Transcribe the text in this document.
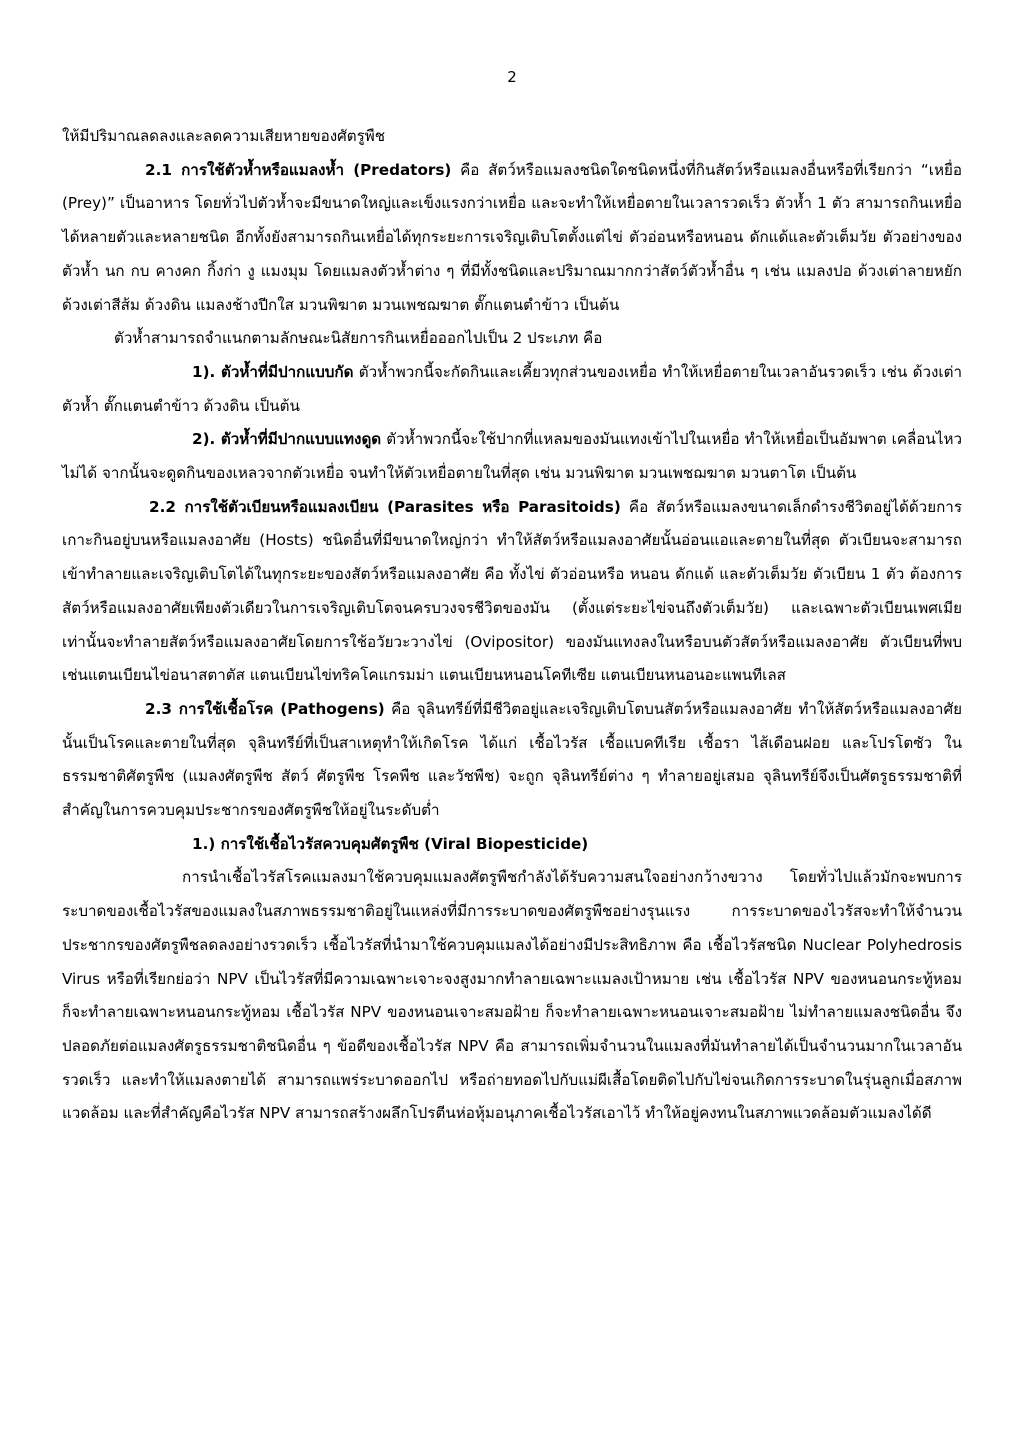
2

ให้มีปริมาณลดลงและลดความเสียหายของศัตรูพืช

2.1 การใช้ตัวห้ำหรือแมลงห้ำ (Predators) คือ สัตว์หรือแมลงชนิดใดชนิดหนึ่งที่กินสัตว์หรือแมลงอื่นหรือที่เรียกว่า “เหยื่อ (Prey)” เป็นอาหาร โดยทั่วไปตัวห้ำจะมีขนาดใหญ่และเข็งแรงกว่าเหยื่อ และจะทำให้เหยื่อตายในเวลารวดเร็ว ตัวห้ำ 1 ตัว สามารถกินเหยื่อได้หลายตัวและหลายชนิด อีกทั้งยังสามารถกินเหยื่อได้ทุกระยะการเจริญเติบโตตั้งแต่ไข่ ตัวอ่อนหรือหนอน ดักแด้และตัวเต็มวัย ตัวอย่างของตัวห้ำ นก กบ คางคก กิ้งก่า งู แมงมุม โดยแมลงตัวห้ำต่าง ๆ ที่มีทั้งชนิดและปริมาณมากกว่าสัตว์ตัวห้ำอื่น ๆ เช่น แมลงปอ ด้วงเต่าลายหยัก ด้วงเต่าสีส้ม ด้วงดิน แมลงช้างปีกใส มวนพิฆาต มวนเพชฌฆาต ตั๊กแตนตำข้าว เป็นต้น

ตัวห้ำสามารถจำแนกตามลักษณะนิสัยการกินเหยื่อออกไปเป็น 2 ประเภท คือ

1). ตัวห้ำที่มีปากแบบกัด ตัวห้ำพวกนี้จะกัดกินและเคี้ยวทุกส่วนของเหยื่อ ทำให้เหยื่อตายในเวลาอันรวดเร็ว เช่น ด้วงเต่าตัวห้ำ ตั๊กแตนตำข้าว ด้วงดิน เป็นต้น

2). ตัวห้ำที่มีปากแบบแทงดูด ตัวห้ำพวกนี้จะใช้ปากที่แหลมของมันแทงเข้าไปในเหยื่อ ทำให้เหยื่อเป็นอัมพาต เคลื่อนไหวไม่ได้ จากนั้นจะดูดกินของเหลวจากตัวเหยื่อ จนทำให้ตัวเหยื่อตายในที่สุด เช่น มวนพิฆาต มวนเพชฌฆาต มวนตาโต เป็นต้น

2.2 การใช้ตัวเบียนหรือแมลงเบียน (Parasites หรือ Parasitoids) คือ สัตว์หรือแมลงขนาดเล็กดำรงชีวิตอยู่ได้ด้วยการเกาะกินอยู่บนหรือแมลงอาศัย (Hosts) ชนิดอื่นที่มีขนาดใหญ่กว่า ทำให้สัตว์หรือแมลงอาศัยนั้นอ่อนแอและตายในที่สุด ตัวเบียนจะสามารถเข้าทำลายและเจริญเติบโตได้ในทุกระยะของสัตว์หรือแมลงอาศัย คือ ทั้งไข่ ตัวอ่อนหรือ หนอน ดักแด้ และตัวเต็มวัย ตัวเบียน 1 ตัว ต้องการสัตว์หรือแมลงอาศัยเพียงตัวเดียวในการเจริญเติบโตจนครบวงจรชีวิตของมัน (ตั้งแต่ระยะไข่จนถึงตัวเต็มวัย) และเฉพาะตัวเบียนเพศเมียเท่านั้นจะทำลายสัตว์หรือแมลงอาศัยโดยการใช้อวัยวะวางไข่ (Ovipositor) ของมันแทงลงในหรือบนตัวสัตว์หรือแมลงอาศัย ตัวเบียนที่พบเช่นแตนเบียนไข่อนาสตาตัส แตนเบียนไข่ทริคโคแกรมม่า แตนเบียนหนอนโคทีเซีย แตนเบียนหนอนอะแพนทีเลส

2.3 การใช้เชื้อโรค (Pathogens) คือ จุลินทรีย์ที่มีชีวิตอยู่และเจริญเติบโตบนสัตว์หรือแมลงอาศัย ทำให้สัตว์หรือแมลงอาศัยนั้นเป็นโรคและตายในที่สุด จุลินทรีย์ที่เป็นสาเหตุทำให้เกิดโรค ได้แก่ เชื้อไวรัส เชื้อแบคทีเรีย เชื้อรา ไส้เดือนฝอย และโปรโตซัว ในธรรมชาติศัตรูพืช (แมลงศัตรูพืช สัตว์ ศัตรูพืช โรคพืช และวัชพืช) จะถูก จุลินทรีย์ต่าง ๆ ทำลายอยู่เสมอ จุลินทรีย์จึงเป็นศัตรูธรรมชาติที่สำคัญในการควบคุมประชากรของศัตรูพืชให้อยู่ในระดับต่ำ

1.) การใช้เชื้อไวรัสควบคุมศัตรูพืช (Viral Biopesticide)

การนำเชื้อไวรัสโรคแมลงมาใช้ควบคุมแมลงศัตรูพืชกำลังได้รับความสนใจอย่างกว้างขวาง โดยทั่วไปแล้วมักจะพบการระบาดของเชื้อไวรัสของแมลงในสภาพธรรมชาติอยู่ในแหล่งที่มีการระบาดของศัตรูพืชอย่างรุนแรง การระบาดของไวรัสจะทำให้จำนวนประชากรของศัตรูพืชลดลงอย่างรวดเร็ว เชื้อไวรัสที่นำมาใช้ควบคุมแมลงได้อย่างมีประสิทธิภาพ คือ เชื้อไวรัสชนิด Nuclear Polyhedrosis Virus หรือที่เรียกย่อว่า NPV เป็นไวรัสที่มีความเฉพาะเจาะจงสูงมากทำลายเฉพาะแมลงเป้าหมาย เช่น เชื้อไวรัส NPV ของหนอนกระทู้หอม ก็จะทำลายเฉพาะหนอนกระทู้หอม เชื้อไวรัส NPV ของหนอนเจาะสมอฝ้าย ก็จะทำลายเฉพาะหนอนเจาะสมอฝ้าย ไม่ทำลายแมลงชนิดอื่น จึงปลอดภัยต่อแมลงศัตรูธรรมชาติชนิดอื่น ๆ ข้อดีของเชื้อไวรัส NPV คือ สามารถเพิ่มจำนวนในแมลงที่มันทำลายได้เป็นจำนวนมากในเวลาอันรวดเร็ว และทำให้แมลงตายได้ สามารถแพร่ระบาดออกไป หรือถ่ายทอดไปกับแม่ผีเสื้อโดยติดไปกับไข่จนเกิดการระบาดในรุ่นลูกเมื่อสภาพแวดล้อม และที่สำคัญคือไวรัส NPV สามารถสร้างผลึกโปรตีนห่อหุ้มอนุภาคเชื้อไวรัสเอาไว้ ทำให้อยู่คงทนในสภาพแวดล้อมตัวแมลงได้ดี
